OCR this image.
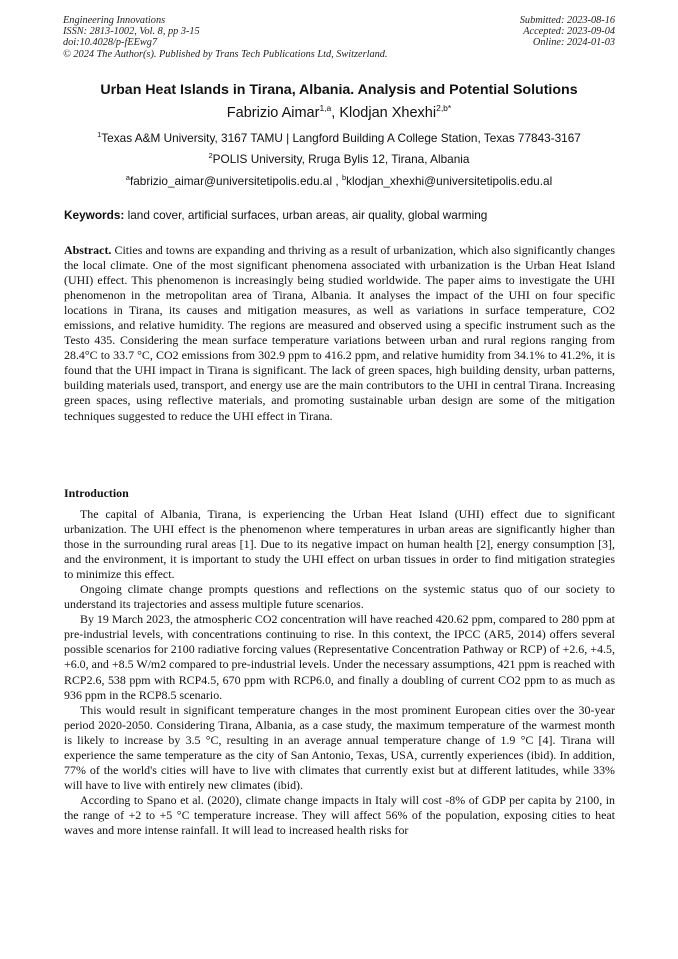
Engineering Innovations
ISSN: 2813-1002, Vol. 8, pp 3-15
doi:10.4028/p-fEEwg7
© 2024 The Author(s). Published by Trans Tech Publications Ltd, Switzerland.
Submitted: 2023-08-16
Accepted: 2023-09-04
Online: 2024-01-03
Urban Heat Islands in Tirana, Albania. Analysis and Potential Solutions
Fabrizio Aimar$^{1,a}$, Klodjan Xhexhi$^{2,b*}$
$^1$Texas A&M University, 3167 TAMU | Langford Building A College Station, Texas 77843-3167
$^2$POLIS University, Rruga Bylis 12, Tirana, Albania
$^a$fabrizio_aimar@universitetipolis.edu.al , $^b$klodjan_xhexhi@universitetipolis.edu.al
Keywords: land cover, artificial surfaces, urban areas, air quality, global warming

Abstract. Cities and towns are expanding and thriving as a result of urbanization, which also significantly changes the local climate. One of the most significant phenomena associated with urbanization is the Urban Heat Island (UHI) effect. This phenomenon is increasingly being studied worldwide. The paper aims to investigate the UHI phenomenon in the metropolitan area of Tirana, Albania. It analyses the impact of the UHI on four specific locations in Tirana, its causes and mitigation measures, as well as variations in surface temperature, CO2 emissions, and relative humidity. The regions are measured and observed using a specific instrument such as the Testo 435. Considering the mean surface temperature variations between urban and rural regions ranging from 28.4°C to 33.7 °C, CO2 emissions from 302.9 ppm to 416.2 ppm, and relative humidity from 34.1% to 41.2%, it is found that the UHI impact in Tirana is significant. The lack of green spaces, high building density, urban patterns, building materials used, transport, and energy use are the main contributors to the UHI in central Tirana. Increasing green spaces, using reflective materials, and promoting sustainable urban design are some of the mitigation techniques suggested to reduce the UHI effect in Tirana.

Introduction

The capital of Albania, Tirana, is experiencing the Urban Heat Island (UHI) effect due to significant urbanization. The UHI effect is the phenomenon where temperatures in urban areas are significantly higher than those in the surrounding rural areas [1]. Due to its negative impact on human health [2], energy consumption [3], and the environment, it is important to study the UHI effect on urban tissues in order to find mitigation strategies to minimize this effect.

Ongoing climate change prompts questions and reflections on the systemic status quo of our society to understand its trajectories and assess multiple future scenarios.

By 19 March 2023, the atmospheric CO2 concentration will have reached 420.62 ppm, compared to 280 ppm at pre-industrial levels, with concentrations continuing to rise. In this context, the IPCC (AR5, 2014) offers several possible scenarios for 2100 radiative forcing values (Representative Concentration Pathway or RCP) of +2.6, +4.5, +6.0, and +8.5 W/m2 compared to pre-industrial levels. Under the necessary assumptions, 421 ppm is reached with RCP2.6, 538 ppm with RCP4.5, 670 ppm with RCP6.0, and finally a doubling of current CO2 ppm to as much as 936 ppm in the RCP8.5 scenario.

This would result in significant temperature changes in the most prominent European cities over the 30-year period 2020-2050. Considering Tirana, Albania, as a case study, the maximum temperature of the warmest month is likely to increase by 3.5 °C, resulting in an average annual temperature change of 1.9 °C [4]. Tirana will experience the same temperature as the city of San Antonio, Texas, USA, currently experiences (ibid). In addition, 77% of the world's cities will have to live with climates that currently exist but at different latitudes, while 33% will have to live with entirely new climates (ibid).

According to Spano et al. (2020), climate change impacts in Italy will cost -8% of GDP per capita by 2100, in the range of +2 to +5 °C temperature increase. They will affect 56% of the population, exposing cities to heat waves and more intense rainfall. It will lead to increased health risks for
